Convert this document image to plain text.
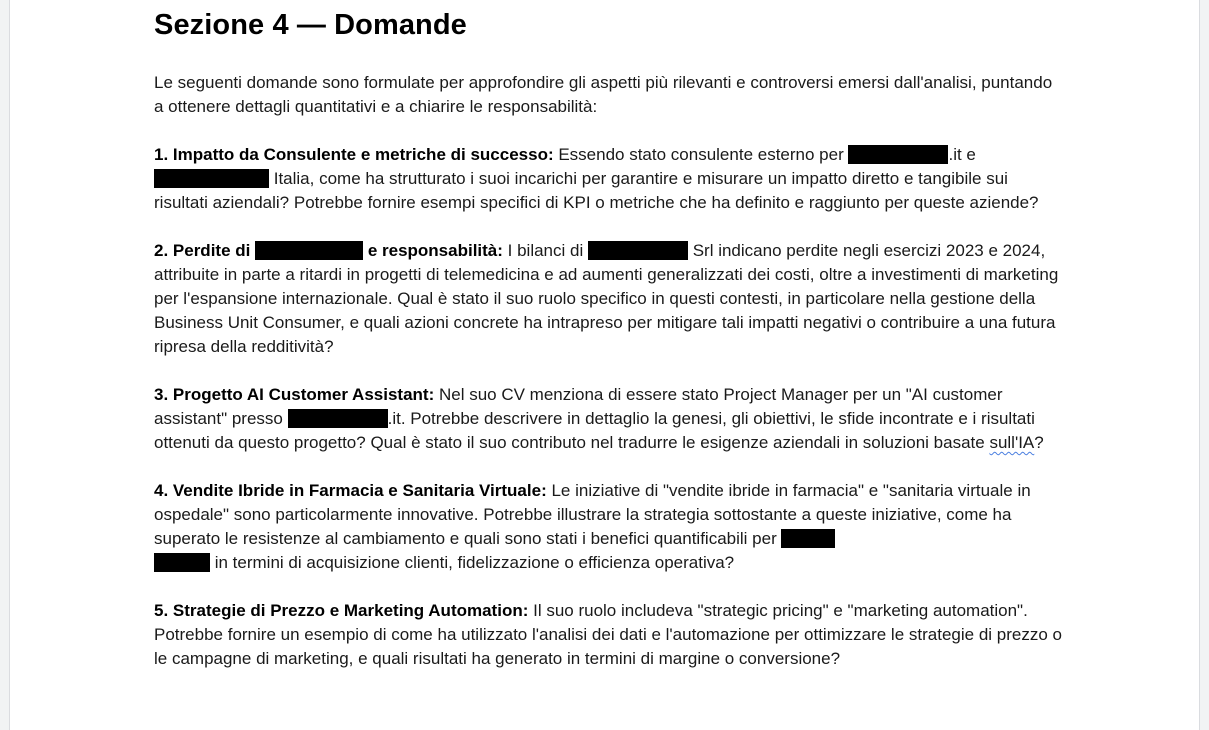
Sezione 4 — Domande

Le seguenti domande sono formulate per approfondire gli aspetti più rilevanti e controversi emersi dall'analisi, puntando a ottenere dettagli quantitativi e a chiarire le responsabilità:

1. Impatto da Consulente e metriche di successo: Essendo stato consulente esterno per	.it e
Italia, come ha strutturato i suoi incarichi per garantire e misurare un impatto diretto e tangibile sui risultati aziendali? Potrebbe fornire esempi specifici di KPI o metriche che ha definito e raggiunto per queste aziende?

2. Perdite di	e responsabilità: I bilanci di	Srl indicano perdite negli esercizi 2023 e 2024, attribuite in parte a ritardi in progetti di telemedicina e ad aumenti generalizzati dei costi, oltre a investimenti di marketing per l'espansione internazionale. Qual è stato il suo ruolo specifico in questi contesti, in particolare nella gestione della Business Unit Consumer, e quali azioni concrete ha intrapreso per mitigare tali impatti negativi o contribuire a una futura ripresa della redditività?

3. Progetto AI Customer Assistant: Nel suo CV menziona di essere stato Project Manager per un "AI customer assistant" presso	.it. Potrebbe descrivere in dettaglio la genesi, gli obiettivi, le sfide incontrate e i risultati ottenuti da questo progetto? Qual è stato il suo contributo nel tradurre le esigenze aziendali in soluzioni basate sull'IA?

4. Vendite Ibride in Farmacia e Sanitaria Virtuale: Le iniziative di "vendite ibride in farmacia" e "sanitaria virtuale in ospedale" sono particolarmente innovative. Potrebbe illustrare la strategia sottostante a queste iniziative, come ha superato le resistenze al cambiamento e quali sono stati i benefici quantificabili per
in termini di acquisizione clienti, fidelizzazione o efficienza operativa?

5. Strategie di Prezzo e Marketing Automation: Il suo ruolo includeva "strategic pricing" e "marketing automation". Potrebbe fornire un esempio di come ha utilizzato l'analisi dei dati e l'automazione per ottimizzare le strategie di prezzo o le campagne di marketing, e quali risultati ha generato in termini di margine o conversione?
